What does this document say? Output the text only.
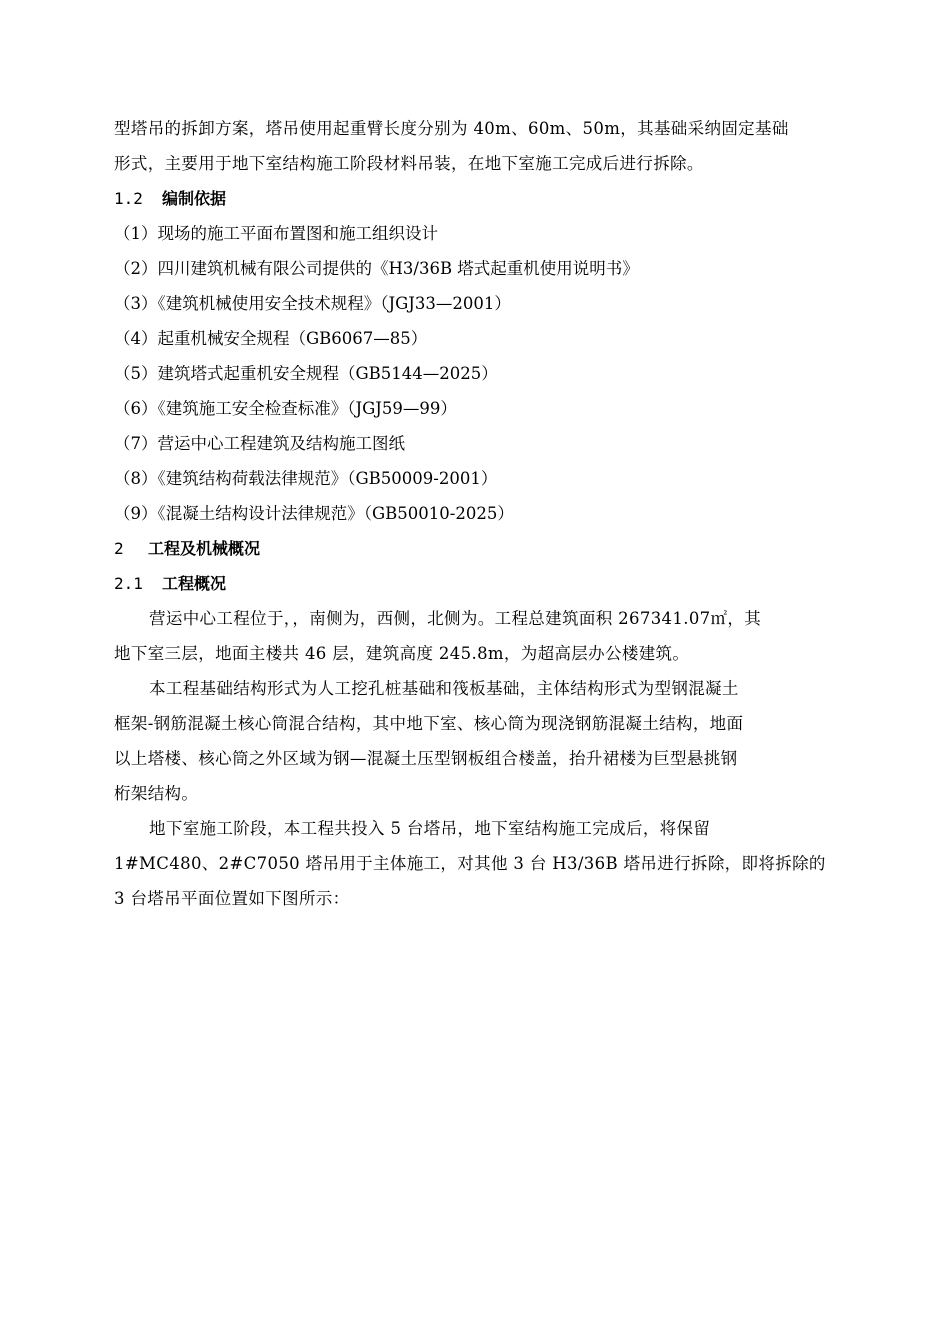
型塔吊的拆卸方案，塔吊使用起重臂长度分别为 40m、60m、50m，其基础采纳固定基础
形式，主要用于地下室结构施工阶段材料吊装，在地下室施工完成后进行拆除。
1.2 编制依据
（1）现场的施工平面布置图和施工组织设计
（2）四川建筑机械有限公司提供的《H3/36B 塔式起重机使用说明书》
（3）《建筑机械使用安全技术规程》（JGJ33—2001）
（4）起重机械安全规程（GB6067—85）
（5）建筑塔式起重机安全规程（GB5144—2025）
（6）《建筑施工安全检查标准》（JGJ59—99）
（7）营运中心工程建筑及结构施工图纸
（8）《建筑结构荷载法律规范》（GB50009-2001）
（9）《混凝土结构设计法律规范》（GB50010-2025）
2 工程及机械概况
2.1 工程概况
营运中心工程位于，，南侧为，西侧，北侧为。工程总建筑面积 267341.07㎡，其
地下室三层，地面主楼共 46 层，建筑高度 245.8m，为超高层办公楼建筑。
本工程基础结构形式为人工挖孔桩基础和筏板基础，主体结构形式为型钢混凝土
框架-钢筋混凝土核心筒混合结构，其中地下室、核心筒为现浇钢筋混凝土结构，地面
以上塔楼、核心筒之外区域为钢—混凝土压型钢板组合楼盖，抬升裙楼为巨型悬挑钢
桁架结构。
地下室施工阶段，本工程共投入 5 台塔吊，地下室结构施工完成后，将保留
1#MC480、2#C7050 塔吊用于主体施工，对其他 3 台 H3/36B 塔吊进行拆除，即将拆除的
3 台塔吊平面位置如下图所示：
